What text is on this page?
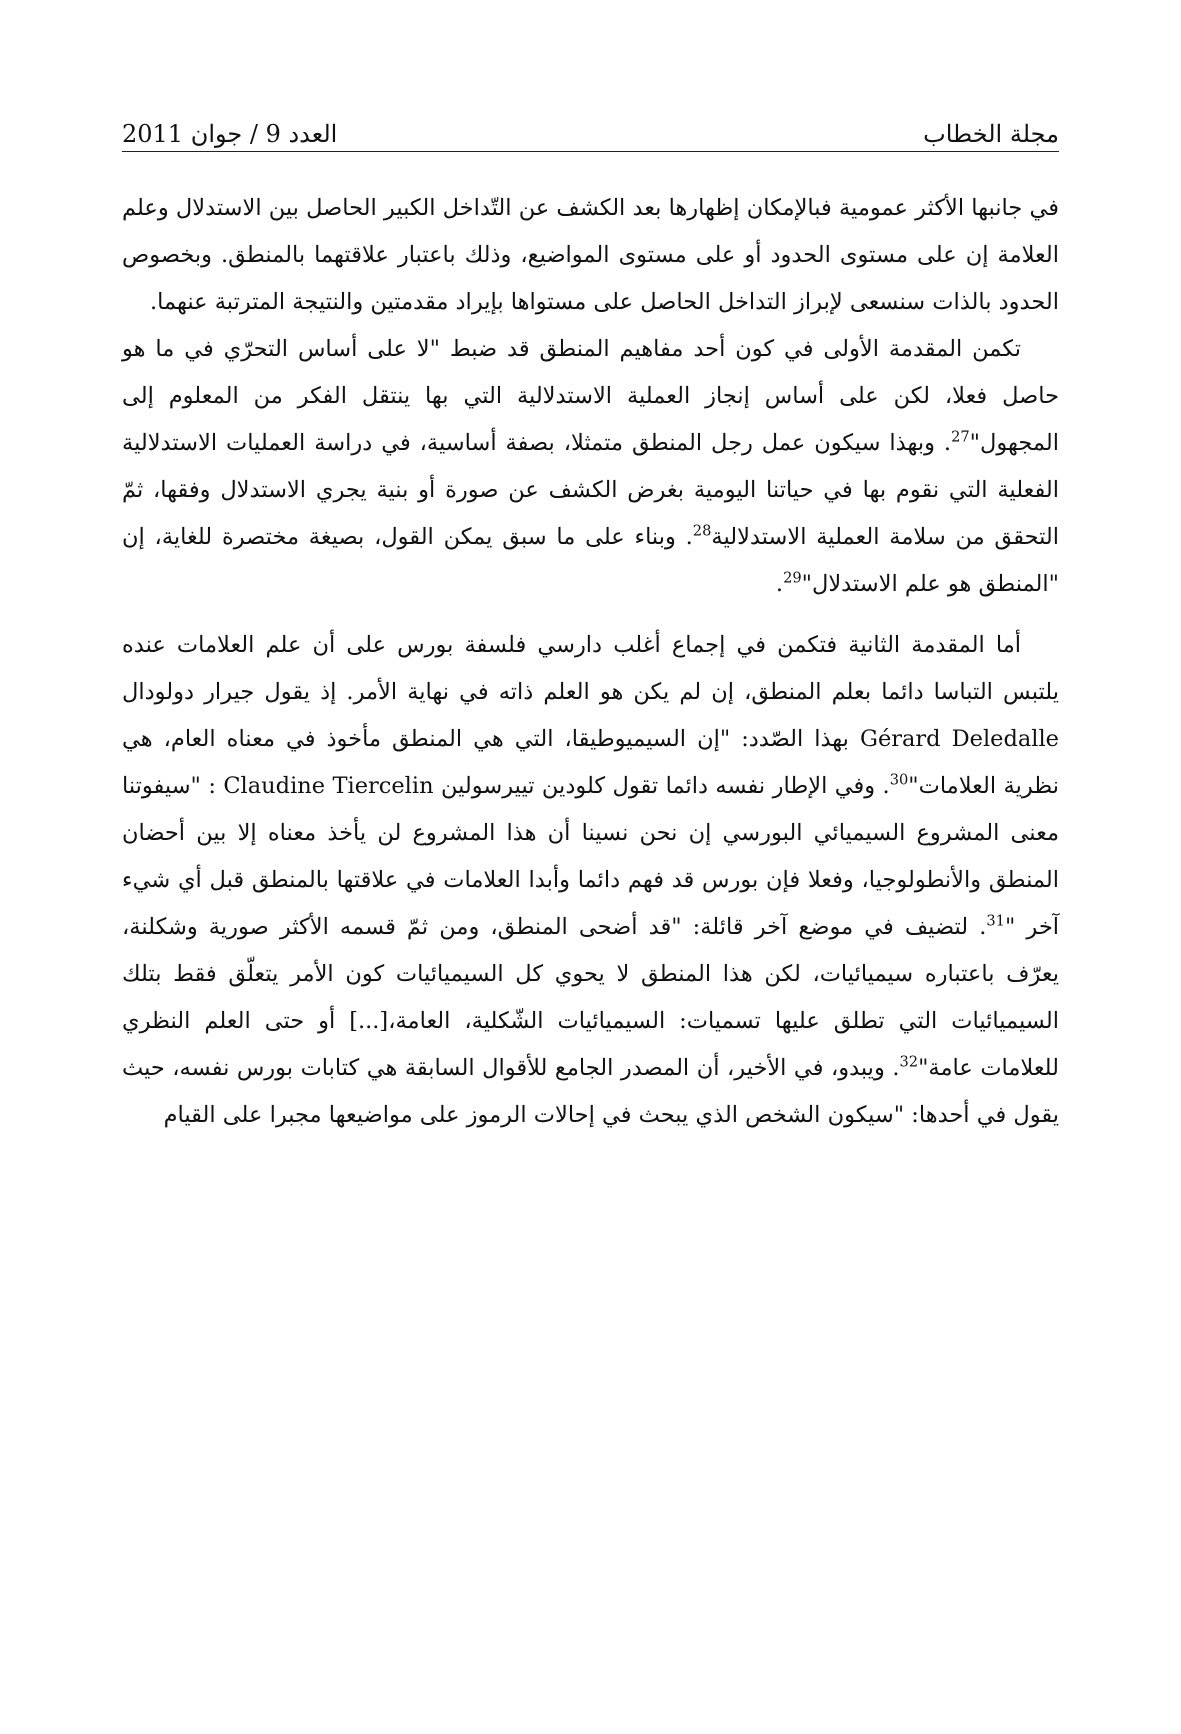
مجلة الخطاب
العدد 9 / جوان 2011

في جانبها الأكثر عمومية فبالإمكان إظهارها بعد الكشف عن التّداخل الكبير الحاصل بين الاستدلال وعلم العلامة إن على مستوى الحدود أو على مستوى المواضيع، وذلك باعتبار علاقتهما بالمنطق. وبخصوص الحدود بالذات سنسعى لإبراز التداخل الحاصل على مستواها بإيراد مقدمتين والنتيجة المترتبة عنهما.

تكمن المقدمة الأولى في كون أحد مفاهيم المنطق قد ضبط "لا على أساس التحرّي في ما هو حاصل فعلا، لكن على أساس إنجاز العملية الاستدلالية التي بها ينتقل الفكر من المعلوم إلى المجهول"$^{27}$. وبهذا سيكون عمل رجل المنطق متمثلا، بصفة أساسية، في دراسة العمليات الاستدلالية الفعلية التي نقوم بها في حياتنا اليومية بغرض الكشف عن صورة أو بنية يجري الاستدلال وفقها، ثمّ التحقق من سلامة العملية الاستدلالية$^{28}$. وبناء على ما سبق يمكن القول، بصيغة مختصرة للغاية، إن "المنطق هو علم الاستدلال"$^{29}$.

أما المقدمة الثانية فتكمن في إجماع أغلب دارسي فلسفة بورس على أن علم العلامات عنده يلتبس التباسا دائما بعلم المنطق، إن لم يكن هو العلم ذاته في نهاية الأمر. إذ يقول جيرار دولودال Gérard Deledalle بهذا الصّدد: "إن السيميوطيقا، التي هي المنطق مأخوذ في معناه العام، هي نظرية العلامات"$^{30}$. وفي الإطار نفسه دائما تقول كلودين تييرسولين Claudine Tiercelin : "سيفوتنا معنى المشروع السيميائي البورسي إن نحن نسينا أن هذا المشروع لن يأخذ معناه إلا بين أحضان المنطق والأنطولوجيا، وفعلا فإن بورس قد فهم دائما وأبدا العلامات في علاقتها بالمنطق قبل أي شيء آخر "$^{31}$. لتضيف في موضع آخر قائلة: "قد أضحى المنطق، ومن ثمّ قسمه الأكثر صورية وشكلنة، يعرّف باعتباره سيميائيات، لكن هذا المنطق لا يحوي كل السيميائيات كون الأمر يتعلّق فقط بتلك السيميائيات التي تطلق عليها تسميات: السيميائيات الشّكلية، العامة،[...] أو حتى العلم النظري للعلامات عامة"$^{32}$. ويبدو، في الأخير، أن المصدر الجامع للأقوال السابقة هي كتابات بورس نفسه، حيث يقول في أحدها: "سيكون الشخص الذي يبحث في إحالات الرموز على مواضيعها مجبرا على القيام
